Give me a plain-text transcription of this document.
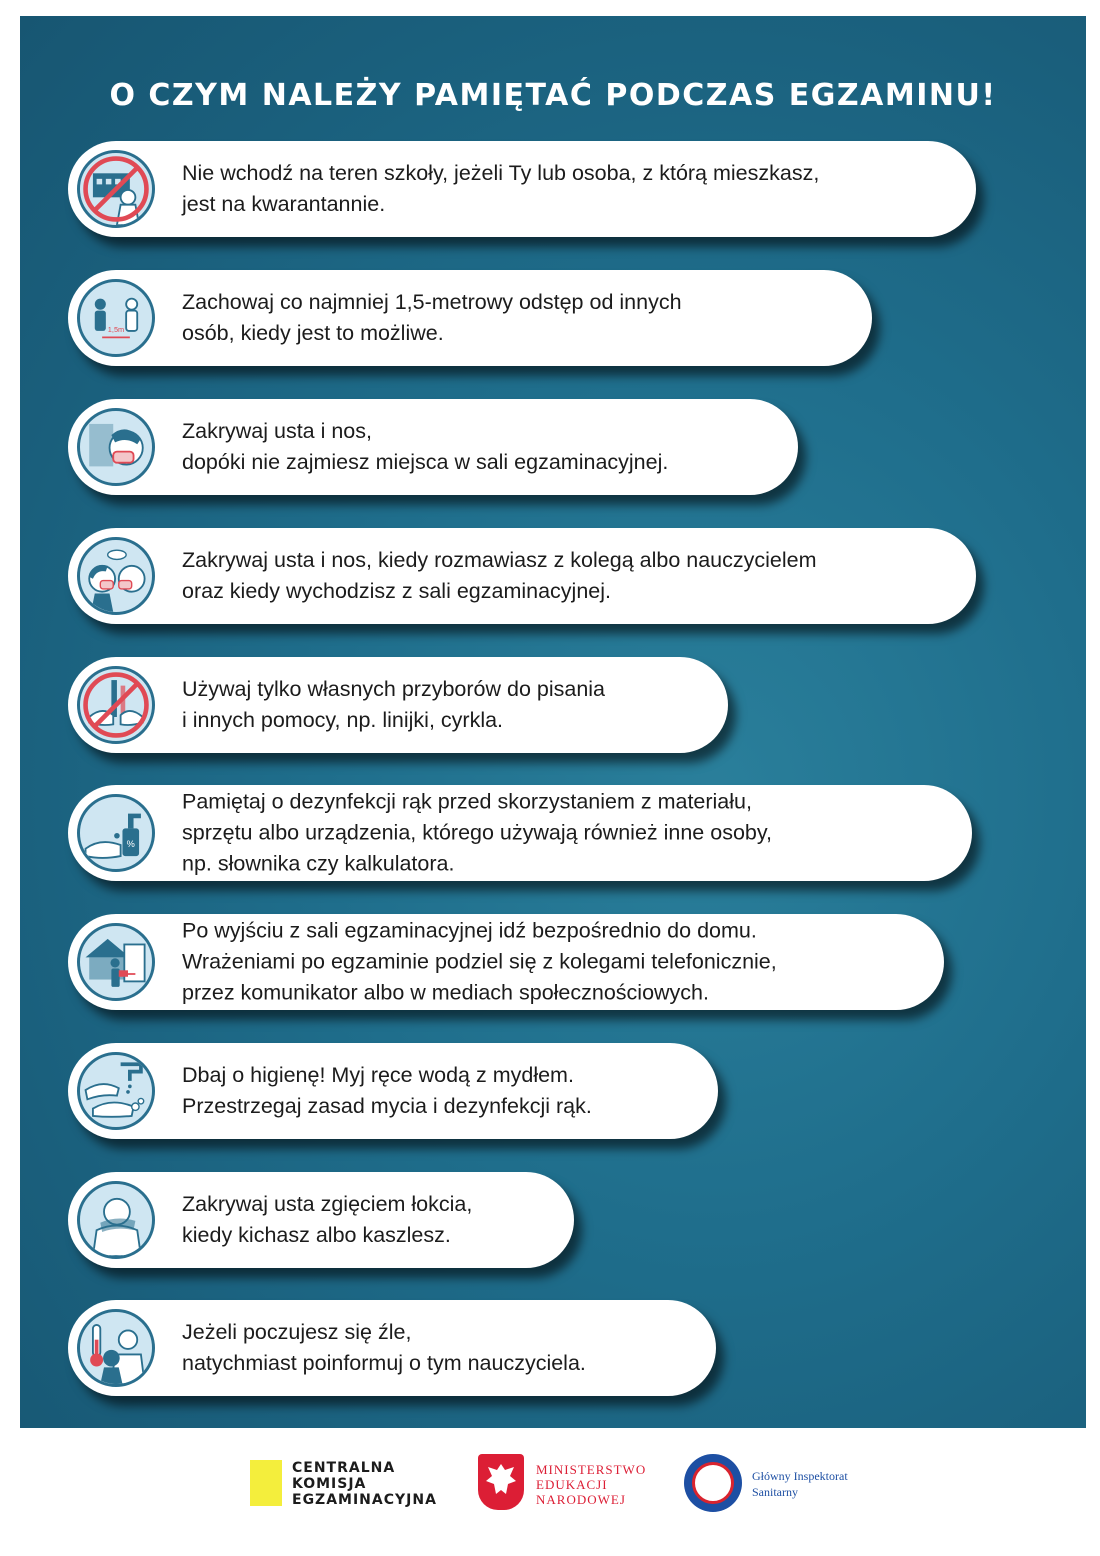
O CZYM NALEŻY PAMIĘTAĆ PODCZAS EGZAMINU!
Nie wchodź na teren szkoły, jeżeli Ty lub osoba, z którą mieszkasz,
jest na kwarantannie.
1,5m
Zachowaj co najmniej 1,5-metrowy odstęp od innych
osób, kiedy jest to możliwe.
Zakrywaj usta i nos,
dopóki nie zajmiesz miejsca w sali egzaminacyjnej.
Zakrywaj usta i nos, kiedy rozmawiasz z kolegą albo nauczycielem
oraz kiedy wychodzisz z sali egzaminacyjnej.
Używaj tylko własnych przyborów do pisania
i innych pomocy, np. linijki, cyrkla.
%
Pamiętaj o dezynfekcji rąk przed skorzystaniem z materiału,
sprzętu albo urządzenia, którego używają również inne osoby,
np. słownika czy kalkulatora.
Po wyjściu z sali egzaminacyjnej idź bezpośrednio do domu.
Wrażeniami po egzaminie podziel się z kolegami telefonicznie,
przez komunikator albo w mediach społecznościowych.
Dbaj o higienę! Myj ręce wodą z mydłem.
Przestrzegaj zasad mycia i dezynfekcji rąk.
Zakrywaj usta zgięciem łokcia,
kiedy kichasz albo kaszlesz.
Jeżeli poczujesz się źle,
natychmiast poinformuj o tym nauczyciela.
CENTRALNA
KOMISJA
EGZAMINACYJNA
MINISTERSTWO
EDUKACJI
NARODOWEJ
Główny Inspektorat
Sanitarny
